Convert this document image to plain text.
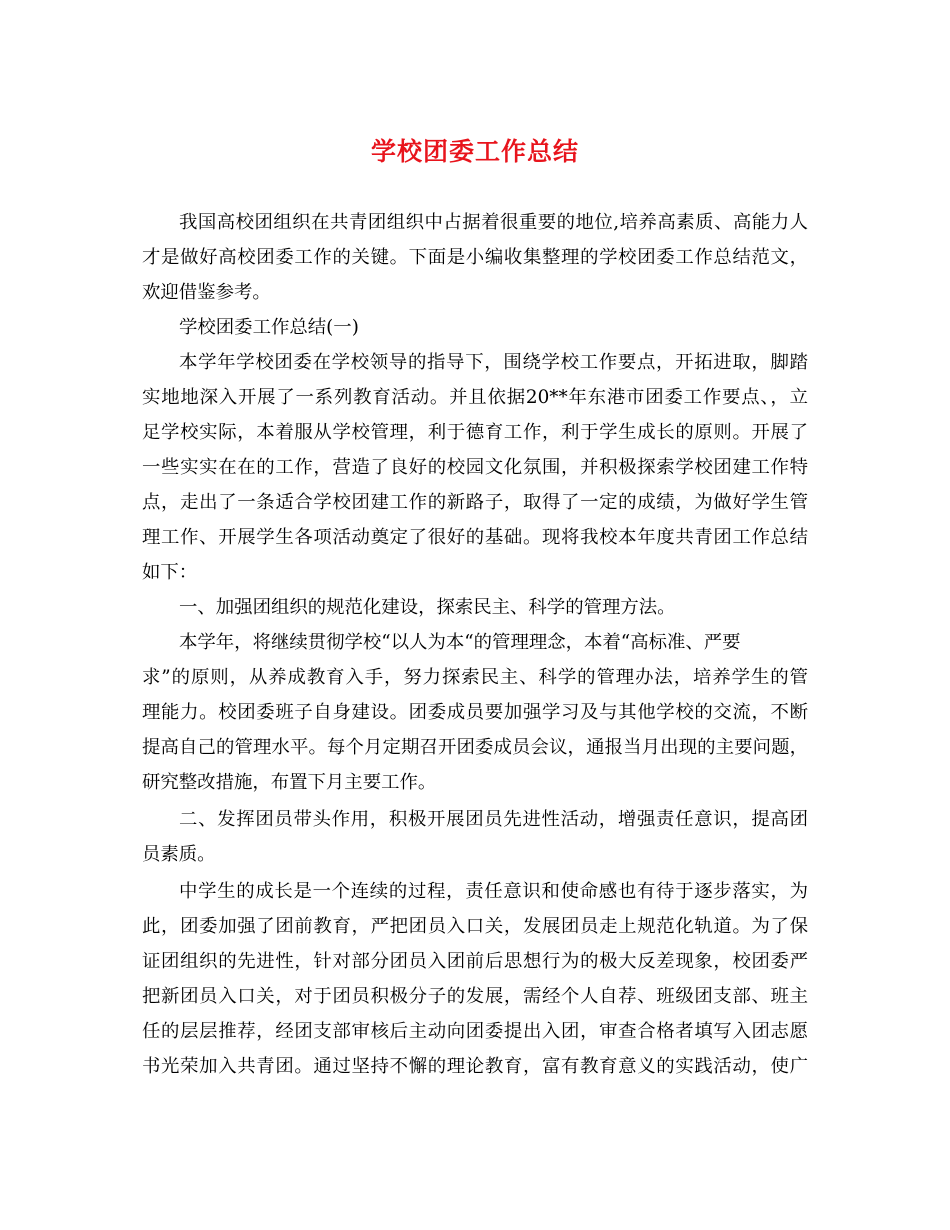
学校团委工作总结
我国高校团组织在共青团组织中占据着很重要的地位,培养高素质、高能力人
才是做好高校团委工作的关键。下面是小编收集整理的学校团委工作总结范文，
欢迎借鉴参考。
学校团委工作总结(一)
本学年学校团委在学校领导的指导下，围绕学校工作要点，开拓进取，脚踏
实地地深入开展了一系列教育活动。并且依据20**年东港市团委工作要点、，立
足学校实际，本着服从学校管理，利于德育工作，利于学生成长的原则。开展了
一些实实在在的工作，营造了良好的校园文化氛围，并积极探索学校团建工作特
点，走出了一条适合学校团建工作的新路子，取得了一定的成绩，为做好学生管
理工作、开展学生各项活动奠定了很好的基础。现将我校本年度共青团工作总结
如下：
一、加强团组织的规范化建设，探索民主、科学的管理方法。
本学年，将继续贯彻学校“以人为本“的管理理念，本着“高标准、严要
求”的原则，从养成教育入手，努力探索民主、科学的管理办法，培养学生的管
理能力。校团委班子自身建设。团委成员要加强学习及与其他学校的交流，不断
提高自己的管理水平。每个月定期召开团委成员会议，通报当月出现的主要问题，
研究整改措施，布置下月主要工作。
二、发挥团员带头作用，积极开展团员先进性活动，增强责任意识，提高团
员素质。
中学生的成长是一个连续的过程，责任意识和使命感也有待于逐步落实，为
此，团委加强了团前教育，严把团员入口关，发展团员走上规范化轨道。为了保
证团组织的先进性，针对部分团员入团前后思想行为的极大反差现象，校团委严
把新团员入口关，对于团员积极分子的发展，需经个人自荐、班级团支部、班主
任的层层推荐，经团支部审核后主动向团委提出入团，审查合格者填写入团志愿
书光荣加入共青团。通过坚持不懈的理论教育，富有教育意义的实践活动，使广
